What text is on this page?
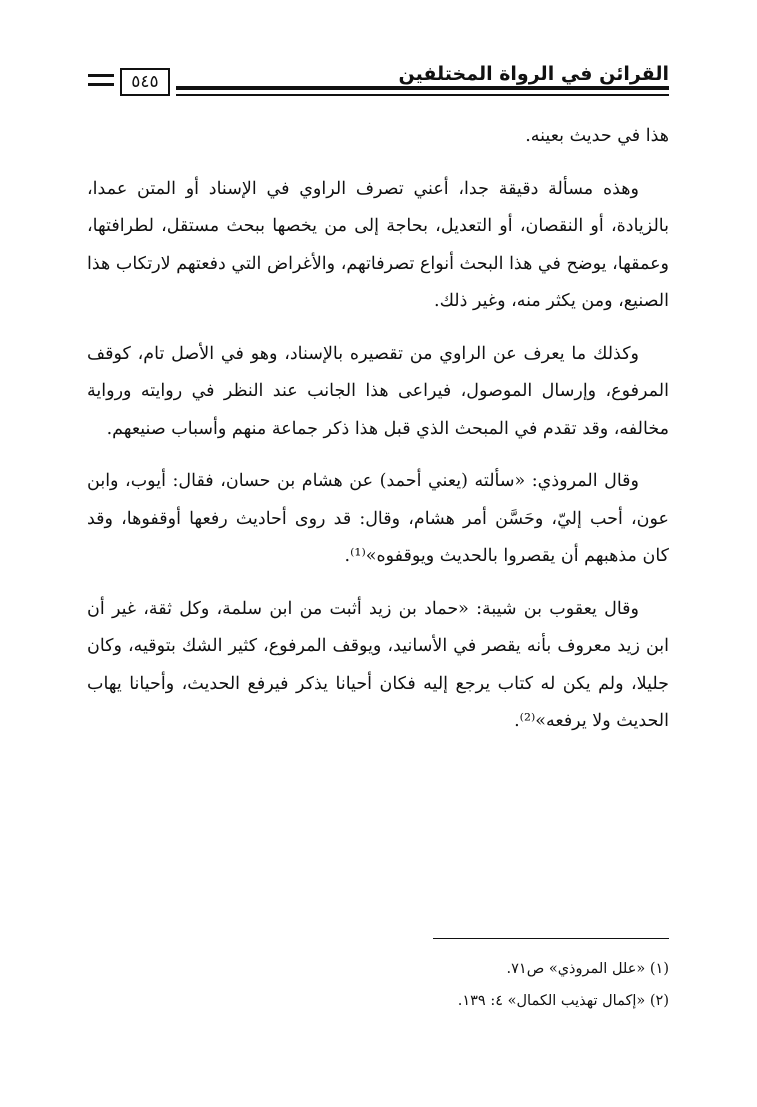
القرائن في الرواة المختلفين
٥٤٥

هذا في حديث بعينه.

وهذه مسألة دقيقة جدا، أعني تصرف الراوي في الإسناد أو المتن عمدا، بالزيادة، أو النقصان، أو التعديل، بحاجة إلى من يخصها ببحث مستقل، لطرافتها، وعمقها، يوضح في هذا البحث أنواع تصرفاتهم، والأغراض التي دفعتهم لارتكاب هذا الصنيع، ومن يكثر منه، وغير ذلك.

وكذلك ما يعرف عن الراوي من تقصيره بالإسناد، وهو في الأصل تام، كوقف المرفوع، وإرسال الموصول، فيراعى هذا الجانب عند النظر في روايته ورواية مخالفه، وقد تقدم في المبحث الذي قبل هذا ذكر جماعة منهم وأسباب صنيعهم.

وقال المروذي: «سألته (يعني أحمد) عن هشام بن حسان، فقال: أيوب، وابن عون، أحب إليّ، وحَسَّن أمر هشام، وقال: قد روى أحاديث رفعها أوقفوها، وقد كان مذهبهم أن يقصروا بالحديث ويوقفوه»⁽¹⁾.

وقال يعقوب بن شيبة: «حماد بن زيد أثبت من ابن سلمة، وكل ثقة، غير أن ابن زيد معروف بأنه يقصر في الأسانيد، ويوقف المرفوع، كثير الشك بتوقيه، وكان جليلا، ولم يكن له كتاب يرجع إليه فكان أحيانا يذكر فيرفع الحديث، وأحيانا يهاب الحديث ولا يرفعه»⁽²⁾.

(١) «علل المروذي» ص٧١.

(٢) «إكمال تهذيب الكمال» ٤: ١٣٩.
